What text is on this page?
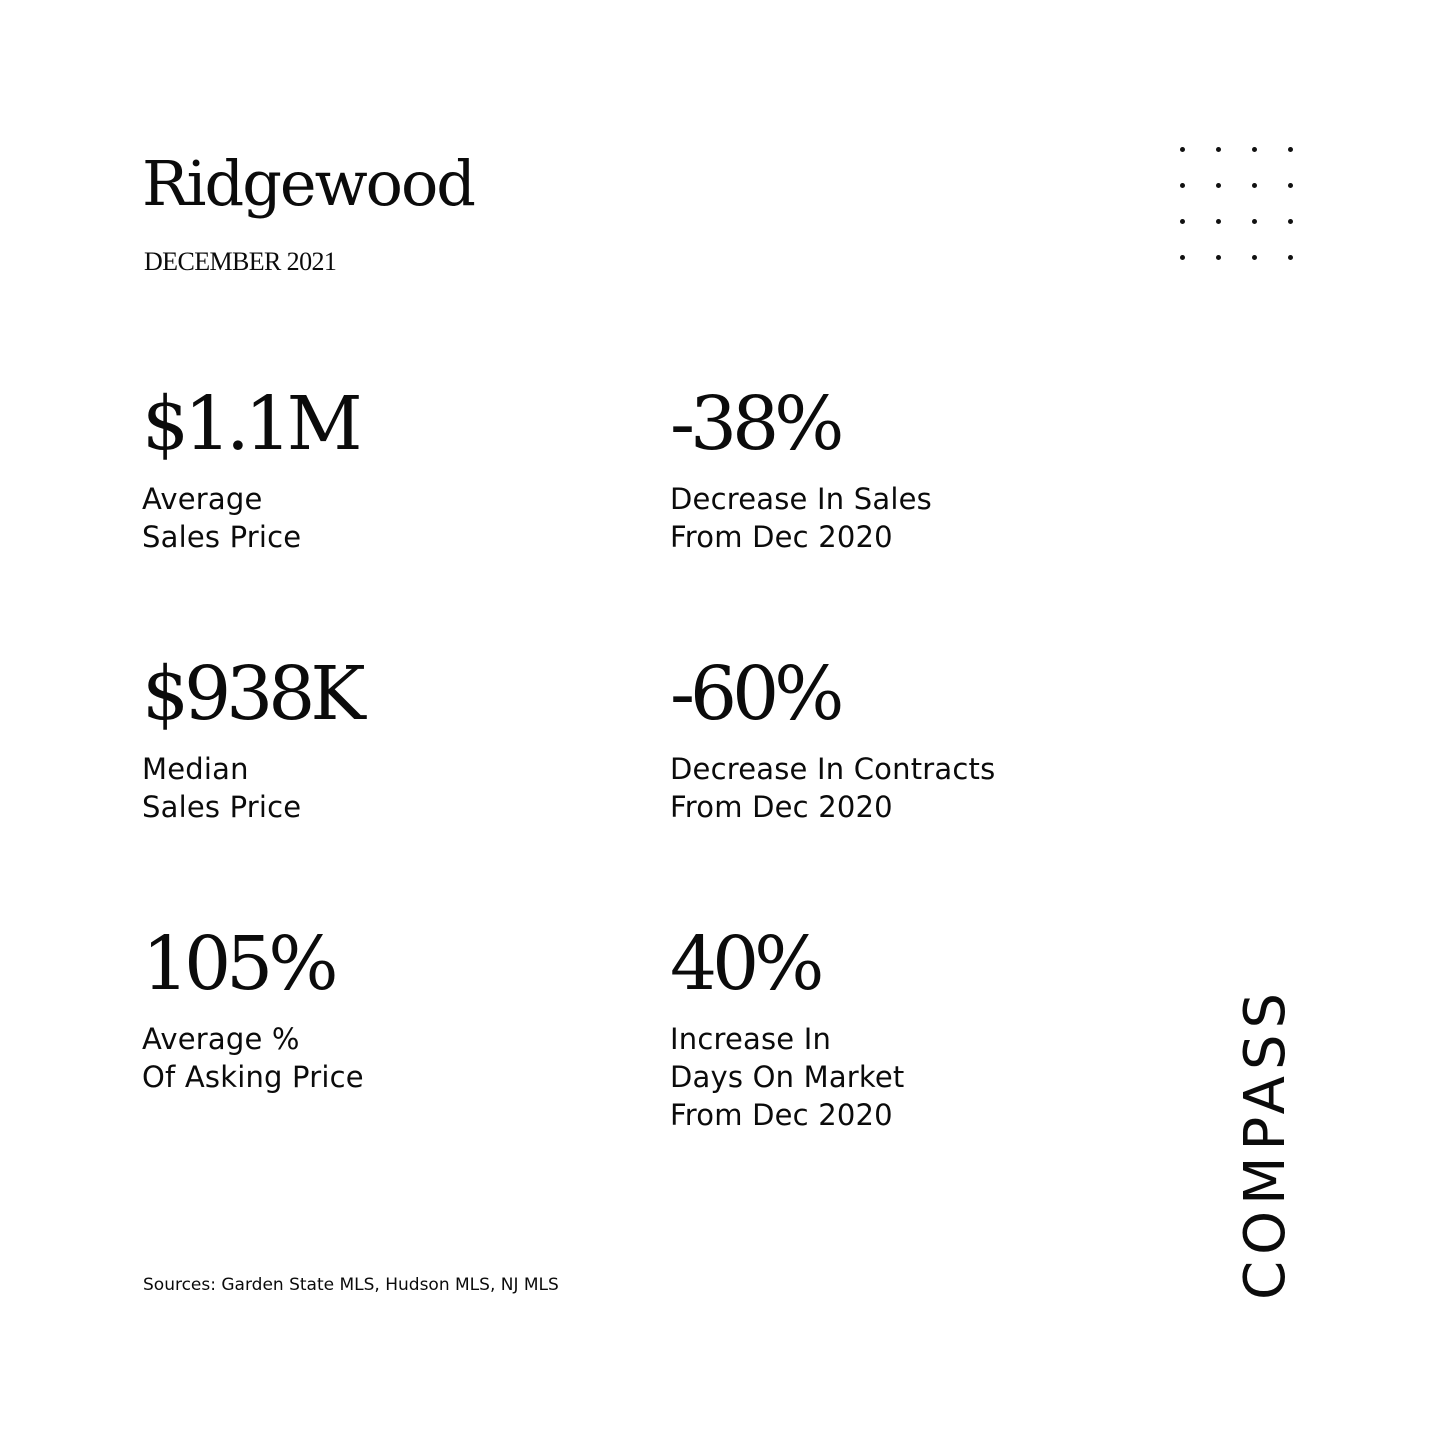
Ridgewood
DECEMBER 2021
$1.1M
Average
Sales Price
-38%
Decrease In Sales
From Dec 2020
$938K
Median
Sales Price
-60%
Decrease In Contracts
From Dec 2020
105%
Average %
Of Asking Price
40%
Increase In
Days On Market
From Dec 2020
Sources: Garden State MLS, Hudson MLS, NJ MLS	COMPASS
